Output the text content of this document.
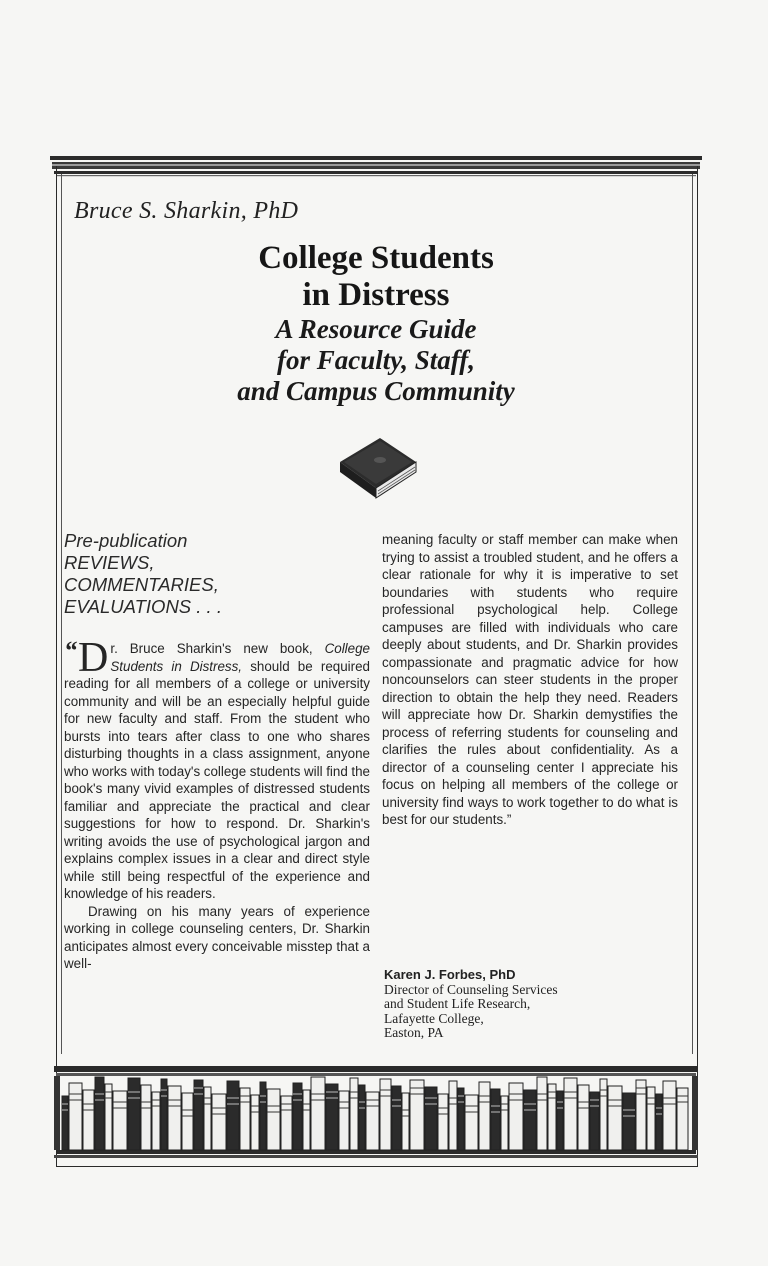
Bruce S. Sharkin, PhD
College Students
in Distress
A Resource Guide
for Faculty, Staff,
and Campus Community
Pre-publication
REVIEWS,
COMMENTARIES,
EVALUATIONS . . .

“ D r. Bruce Sharkin's new book, College Students in Distress, should be required reading for all members of a college or university community and will be an especially helpful guide for new faculty and staff. From the student who bursts into tears after class to one who shares disturbing thoughts in a class assignment, anyone who works with today's college students will find the book's many vivid examples of distressed students familiar and appreciate the practical and clear suggestions for how to respond. Dr. Sharkin's writing avoids the use of psychological jargon and explains complex issues in a clear and direct style while still being respectful of the experience and knowledge of his readers.

Drawing on his many years of experience working in college counseling centers, Dr. Sharkin anticipates almost every conceivable misstep that a well-

meaning faculty or staff member can make when trying to assist a troubled student, and he offers a clear rationale for why it is imperative to set boundaries with students who require professional psychological help. College campuses are filled with individuals who care deeply about students, and Dr. Sharkin provides compassionate and pragmatic advice for how noncounselors can steer students in the proper direction to obtain the help they need. Readers will appreciate how Dr. Sharkin demystifies the process of referring students for counseling and clarifies the rules about confidentiality. As a director of a counseling center I appreciate his focus on helping all members of the college or university find ways to work together to do what is best for our students.”

Karen J. Forbes, PhD
Director of Counseling Services
and Student Life Research,
Lafayette College,
Easton, PA
